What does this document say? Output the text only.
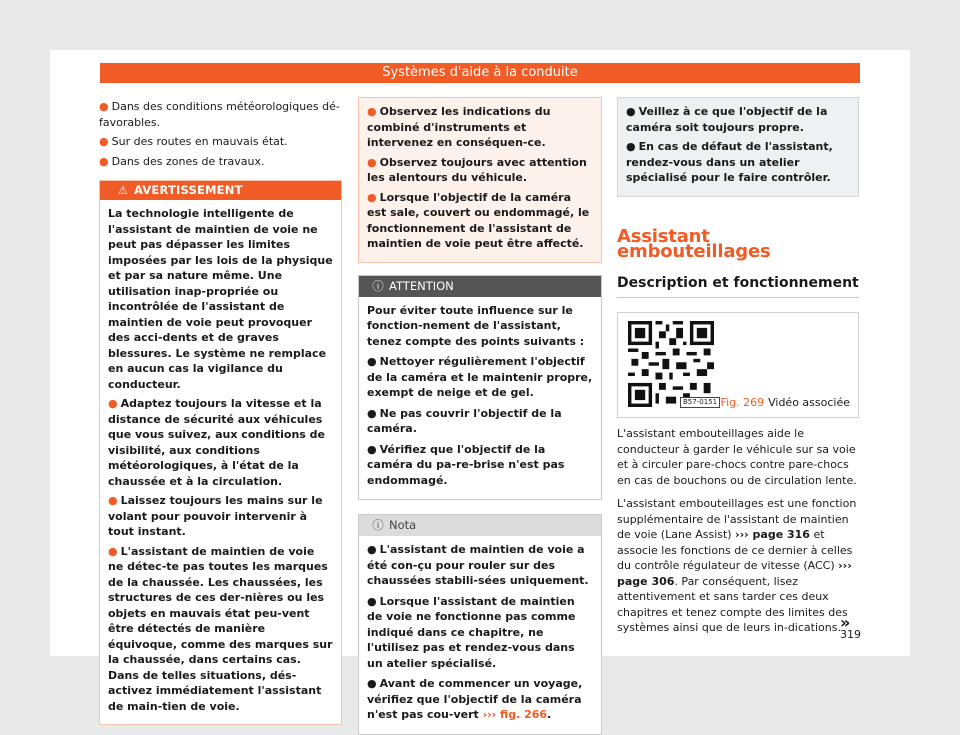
Systèmes d'aide à la conduite
● Dans des conditions météorologiques dé-favorables.
● Sur des routes en mauvais état.
● Dans des zones de travaux.
⚠ AVERTISSEMENT

La technologie intelligente de l'assistant de maintien de voie ne peut pas dépasser les limites imposées par les lois de la physique et par sa nature même. Une utilisation inap-propriée ou incontrôlée de l'assistant de maintien de voie peut provoquer des acci-dents et de graves blessures. Le système ne remplace en aucun cas la vigilance du conducteur.

● Adaptez toujours la vitesse et la distance de sécurité aux véhicules que vous suivez, aux conditions de visibilité, aux conditions météorologiques, à l'état de la chaussée et à la circulation.

● Laissez toujours les mains sur le volant pour pouvoir intervenir à tout instant.

● L'assistant de maintien de voie ne détec-te pas toutes les marques de la chaussée. Les chaussées, les structures de ces der-nières ou les objets en mauvais état peu-vent être détectés de manière équivoque, comme des marques sur la chaussée, dans certains cas. Dans de telles situations, dés-activez immédiatement l'assistant de main-tien de voie.

● Observez les indications du combiné d'instruments et intervenez en conséquen-ce.

● Observez toujours avec attention les alentours du véhicule.

● Lorsque l'objectif de la caméra est sale, couvert ou endommagé, le fonctionnement de l'assistant de maintien de voie peut être affecté.

ⓘ ATTENTION

Pour éviter toute influence sur le fonction-nement de l'assistant, tenez compte des points suivants :

● Nettoyer régulièrement l'objectif de la caméra et le maintenir propre, exempt de neige et de gel.

● Ne pas couvrir l'objectif de la caméra.

● Vérifiez que l'objectif de la caméra du pa-re-brise n'est pas endommagé.

ⓘ Nota

● L'assistant de maintien de voie a été con-çu pour rouler sur des chaussées stabili-sées uniquement.

● Lorsque l'assistant de maintien de voie ne fonctionne pas comme indiqué dans ce chapitre, ne l'utilisez pas et rendez-vous dans un atelier spécialisé.

● Avant de commencer un voyage, vérifiez que l'objectif de la caméra n'est pas cou-vert ››› fig. 266.

● Veillez à ce que l'objectif de la caméra soit toujours propre.

● En cas de défaut de l'assistant, rendez-vous dans un atelier spécialisé pour le faire contrôler.

Assistant embouteillages
Description et fonctionnement
B57-0151 Fig. 269 Vidéo associée

L'assistant embouteillages aide le conducteur à garder le véhicule sur sa voie et à circuler pare-chocs contre pare-chocs en cas de bouchons ou de circulation lente.

L'assistant embouteillages est une fonction supplémentaire de l'assistant de maintien de voie (Lane Assist) ››› page 316 et associe les fonctions de ce dernier à celles du contrôle régulateur de vitesse (ACC) ››› page 306. Par conséquent, lisez attentivement et sans tarder ces deux chapitres et tenez compte des limites des systèmes ainsi que de leurs in-dications. »
319
